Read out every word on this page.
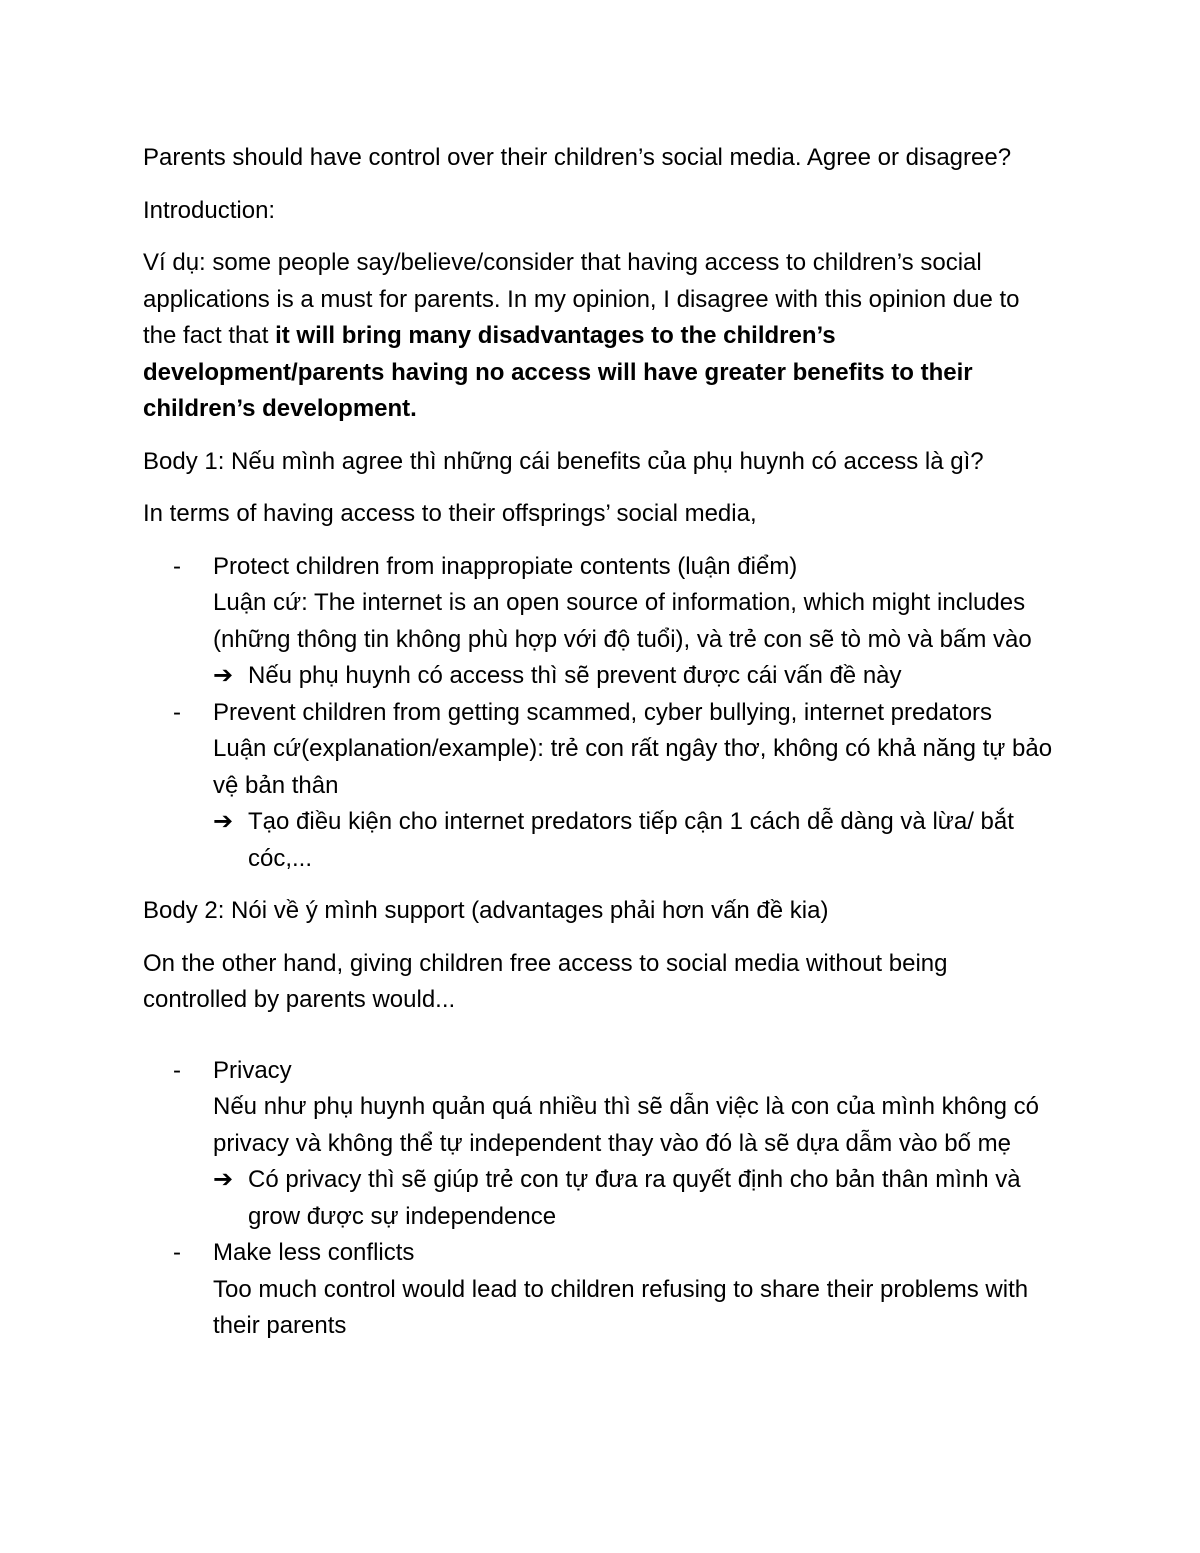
Parents should have control over their children’s social media. Agree or disagree?

Introduction:

Ví dụ: some people say/believe/consider that having access to children’s social applications is a must for parents. In my opinion, I disagree with this opinion due to the fact that it will bring many disadvantages to the children’s development/parents having no access will have greater benefits to their children’s development.

Body 1: Nếu mình agree thì những cái benefits của phụ huynh có access là gì?

In terms of having access to their offsprings’ social media,

- Protect children from inappropiate contents (luận điểm)
Luận cứ: The internet is an open source of information, which might includes (những thông tin không phù hợp với độ tuổi), và trẻ con sẽ tò mò và bấm vào
➔ Nếu phụ huynh có access thì sẽ prevent được cái vấn đề này
- Prevent children from getting scammed, cyber bullying, internet predators
Luận cứ(explanation/example): trẻ con rất ngây thơ, không có khả năng tự bảo vệ bản thân
➔ Tạo điều kiện cho internet predators tiếp cận 1 cách dễ dàng và lừa/ bắt cóc,...

Body 2: Nói về ý mình support (advantages phải hơn vấn đề kia)

On the other hand, giving children free access to social media without being controlled by parents would...

- Privacy
Nếu như phụ huynh quản quá nhiều thì sẽ dẫn việc là con của mình không có privacy và không thể tự independent thay vào đó là sẽ dựa dẫm vào bố mẹ
➔ Có privacy thì sẽ giúp trẻ con tự đưa ra quyết định cho bản thân mình và grow được sự independence
- Make less conflicts
Too much control would lead to children refusing to share their problems with their parents
